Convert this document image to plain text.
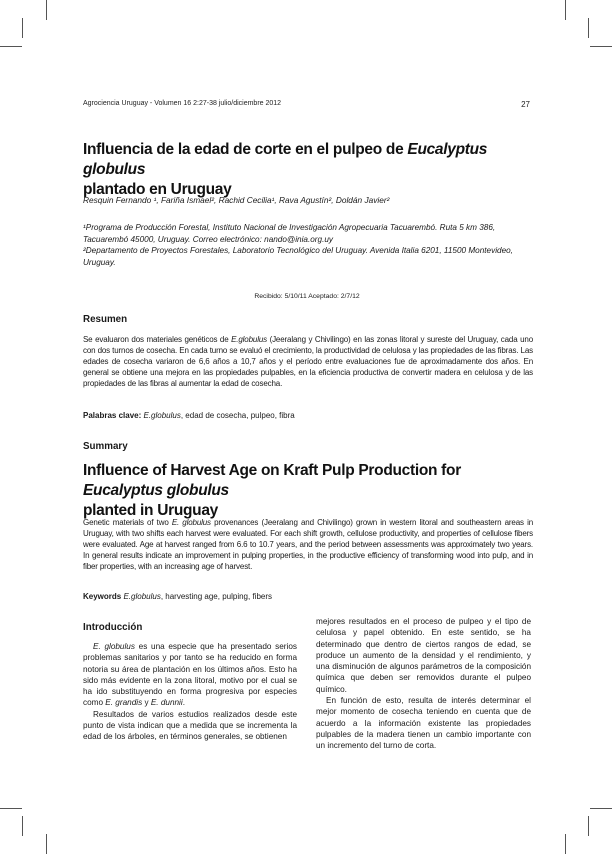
Agrociencia Uruguay - Volumen 16 2:27-38 julio/diciembre 2012	27
Influencia de la edad de corte en el pulpeo de Eucalyptus globulus
plantado en Uruguay
Resquin Fernando ¹, Fariña Ismael², Rachid Cecilia¹, Rava Agustín², Doldán Javier²

¹Programa de Producción Forestal, Instituto Nacional de Investigación Agropecuaria Tacuarembó. Ruta 5 km 386, Tacuarembó 45000, Uruguay. Correo electrónico: nando@inia.org.uy

²Departamento de Proyectos Forestales, Laboratorio Tecnológico del Uruguay. Avenida Italia 6201, 11500 Montevideo, Uruguay.

Recibido: 5/10/11 Aceptado: 2/7/12
Resumen

Se evaluaron dos materiales genéticos de E.globulus (Jeeralang y Chivilingo) en las zonas litoral y sureste del Uruguay, cada uno con dos turnos de cosecha. En cada turno se evaluó el crecimiento, la productividad de celulosa y las propiedades de las fibras. Las edades de cosecha variaron de 6,6 años a 10,7 años y el período entre evaluaciones fue de aproximadamente dos años. En general se obtiene una mejora en las propiedades pulpables, en la eficiencia productiva de convertir madera en celulosa y de las propiedades de las fibras al aumentar la edad de cosecha.

Palabras clave: E.globulus, edad de cosecha, pulpeo, fibra
Summary
Influence of Harvest Age on Kraft Pulp Production for Eucalyptus globulus
planted in Uruguay

Genetic materials of two E. globulus provenances (Jeeralang and Chivilingo) grown in western litoral and southeastern areas in Uruguay, with two shifts each harvest were evaluated. For each shift growth, cellulose productivity, and properties of cellulose fibers were evaluated. Age at harvest ranged from 6.6 to 10.7 years, and the period between assessments was approximately two years. In general results indicate an improvement in pulping properties, in the productive efficiency of transforming wood into pulp, and in fiber properties, with an increasing age of harvest.

Keywords E.globulus, harvesting age, pulping, fibers
Introducción

E. globulus es una especie que ha presentado serios problemas sanitarios y por tanto se ha reducido en forma notoria su área de plantación en los últimos años. Esto ha sido más evidente en la zona litoral, motivo por el cual se ha ido substituyendo en forma progresiva por especies como E. grandis y E. dunnii.

Resultados de varios estudios realizados desde este punto de vista indican que a medida que se incrementa la edad de los árboles, en términos generales, se obtienen

mejores resultados en el proceso de pulpeo y el tipo de celulosa y papel obtenido. En este sentido, se ha determinado que dentro de ciertos rangos de edad, se produce un aumento de la densidad y el rendimiento, y una disminución de algunos parámetros de la composición química que deben ser removidos durante el pulpeo químico.

En función de esto, resulta de interés determinar el mejor momento de cosecha teniendo en cuenta que de acuerdo a la información existente las propiedades pulpables de la madera tienen un cambio importante con un incremento del turno de corta.
